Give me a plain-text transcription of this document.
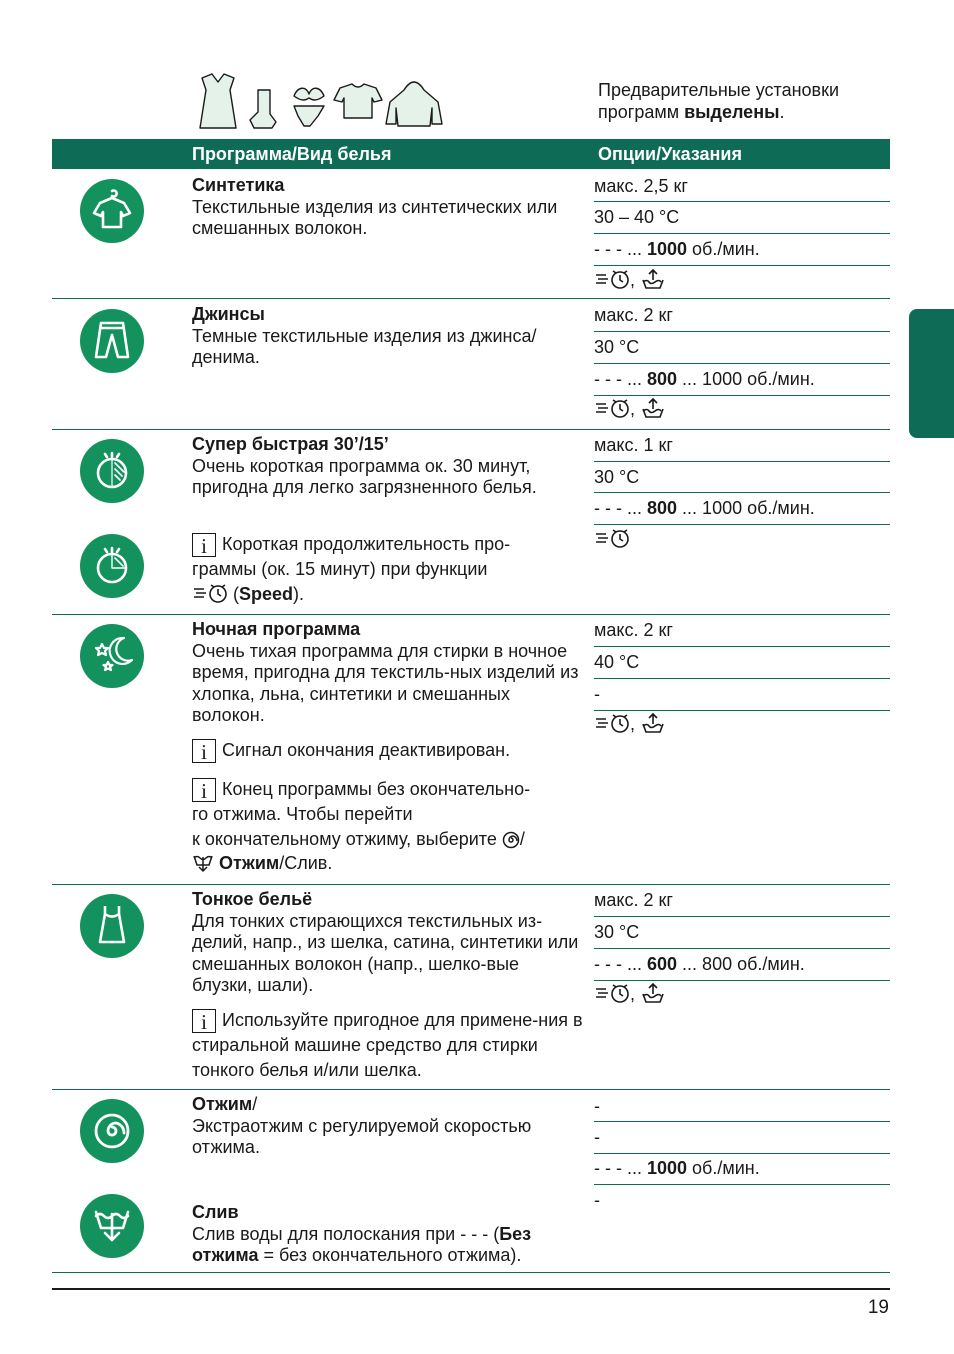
Предварительные установки программ выделены.
Программа/Вид белья	Опции/Указания
Синтетика
Текстильные изделия из синтетических или смешанных волокон.
макс. 2,5 кг
30 – 40 °C
- - - ... 1000 об./мин.
,
Джинсы
Темные текстильные изделия из джинса/денима.
макс. 2 кг
30 °C
- - - ... 800 ... 1000 об./мин.
,
Супер быстрая 30’/15’
Очень короткая программа ок. 30 минут, пригодна для легко загрязненного белья.
i Короткая продолжительность про-
граммы (ок. 15 минут) при функции
(Speed).
макс. 1 кг
30 °C
- - - ... 800 ... 1000 об./мин.
Ночная программа
Очень тихая программа для стирки в ночное время, пригодна для текстиль-ных изделий из хлопка, льна, синтетики и смешанных волокон.
i Сигнал окончания деактивирован.
i Конец программы без окончательно-
го отжима. Чтобы перейти
к окончательному отжиму, выберите /
Отжим/Слив.
макс. 2 кг
40 °C
-
,
Тонкое бельё
Для тонких стирающихся текстильных из-делий, напр., из шелка, сатина, синтетики или смешанных волокон (напр., шелко-вые блузки, шали).
i Используйте пригодное для примене-ния в стиральной машине средство для стирки тонкого белья и/или шелка.
макс. 2 кг
30 °C
- - - ... 600 ... 800 об./мин.
,
Отжим/
Экстраотжим с регулируемой скоростью отжима.
Слив
Слив воды для полоскания при - - - (Без отжима = без окончательного отжима).
-
-
- - - ... 1000 об./мин.
-
19
